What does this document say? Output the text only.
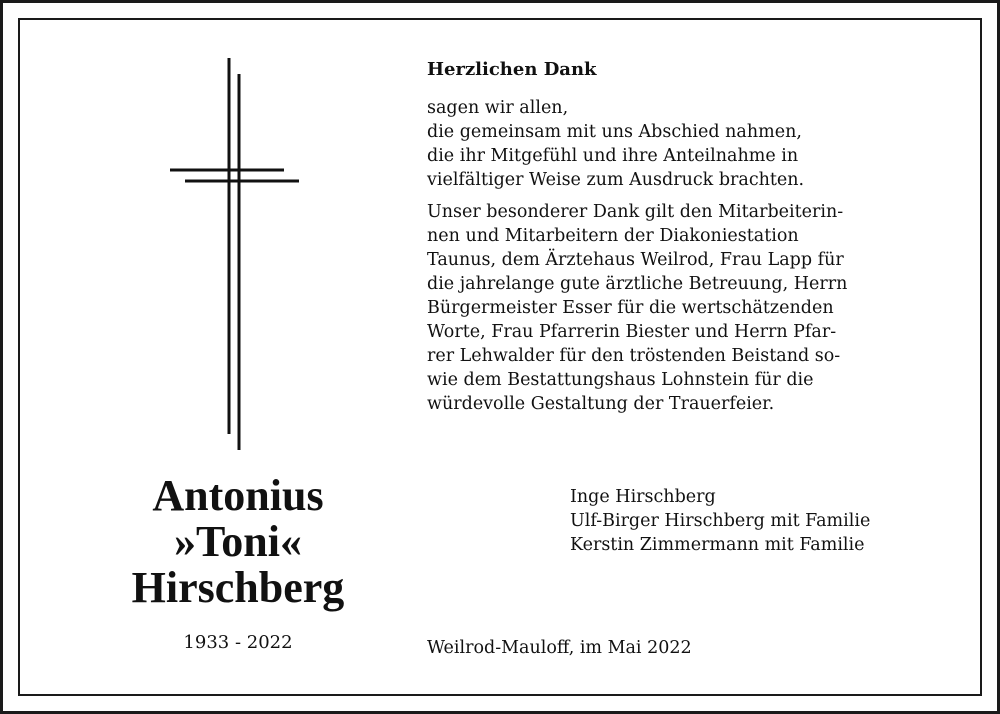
Antonius
»Toni«
Hirschberg
1933 - 2022
Herzlichen Dank
sagen wir allen,
die gemeinsam mit uns Abschied nahmen,
die ihr Mitgefühl und ihre Anteilnahme in
vielfältiger Weise zum Ausdruck brachten.
Unser besonderer Dank gilt den Mitarbeiterin-
nen und Mitarbeitern der Diakoniestation
Taunus, dem Ärztehaus Weilrod, Frau Lapp für
die jahrelange gute ärztliche Betreuung, Herrn
Bürgermeister Esser für die wertschätzenden
Worte, Frau Pfarrerin Biester und Herrn Pfar-
rer Lehwalder für den tröstenden Beistand so-
wie dem Bestattungshaus Lohnstein für die
würdevolle Gestaltung der Trauerfeier.
Inge Hirschberg
Ulf-Birger Hirschberg mit Familie
Kerstin Zimmermann mit Familie
Weilrod-Mauloff, im Mai 2022
